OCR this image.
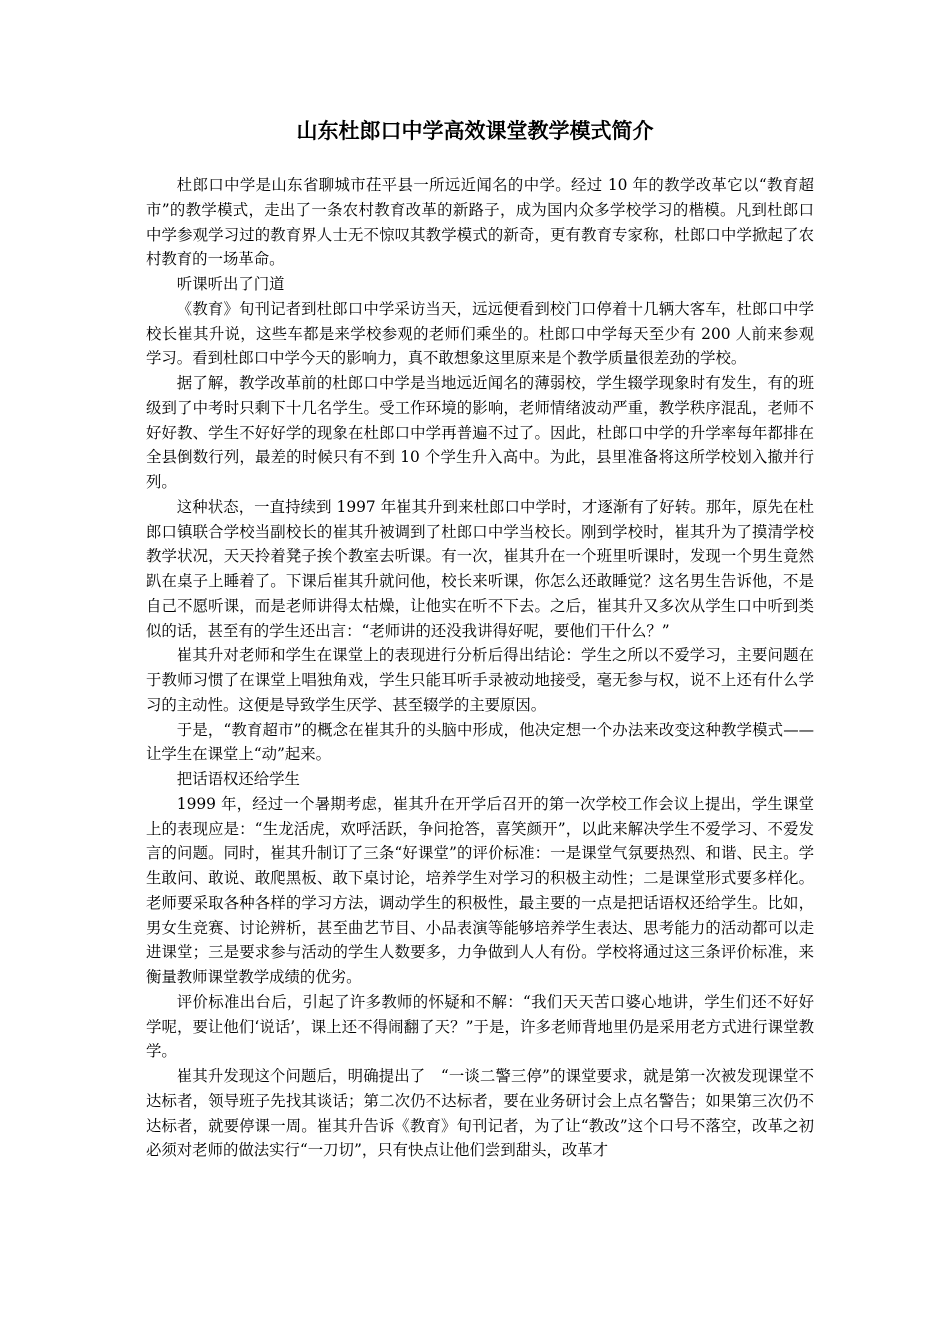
山东杜郎口中学高效课堂教学模式简介

杜郎口中学是山东省聊城市茌平县一所远近闻名的中学。经过 10 年的教学改革它以“教育超市”的教学模式，走出了一条农村教育改革的新路子，成为国内众多学校学习的楷模。凡到杜郎口中学参观学习过的教育界人士无不惊叹其教学模式的新奇，更有教育专家称，杜郎口中学掀起了农村教育的一场革命。

听课听出了门道

《教育》旬刊记者到杜郎口中学采访当天，远远便看到校门口停着十几辆大客车，杜郎口中学校长崔其升说，这些车都是来学校参观的老师们乘坐的。杜郎口中学每天至少有 200 人前来参观学习。看到杜郎口中学今天的影响力，真不敢想象这里原来是个教学质量很差劲的学校。

据了解，教学改革前的杜郎口中学是当地远近闻名的薄弱校，学生辍学现象时有发生，有的班级到了中考时只剩下十几名学生。受工作环境的影响，老师情绪波动严重，教学秩序混乱，老师不好好教、学生不好好学的现象在杜郎口中学再普遍不过了。因此，杜郎口中学的升学率每年都排在全县倒数行列，最差的时候只有不到 10 个学生升入高中。为此，县里准备将这所学校划入撤并行列。

这种状态，一直持续到 1997 年崔其升到来杜郎口中学时，才逐渐有了好转。那年，原先在杜郎口镇联合学校当副校长的崔其升被调到了杜郎口中学当校长。刚到学校时，崔其升为了摸清学校教学状况，天天拎着凳子挨个教室去听课。有一次，崔其升在一个班里听课时，发现一个男生竟然趴在桌子上睡着了。下课后崔其升就问他，校长来听课，你怎么还敢睡觉？这名男生告诉他，不是自己不愿听课，而是老师讲得太枯燥，让他实在听不下去。之后，崔其升又多次从学生口中听到类似的话，甚至有的学生还出言：“老师讲的还没我讲得好呢，要他们干什么？”

崔其升对老师和学生在课堂上的表现进行分析后得出结论：学生之所以不爱学习，主要问题在于教师习惯了在课堂上唱独角戏，学生只能耳听手录被动地接受，毫无参与权，说不上还有什么学习的主动性。这便是导致学生厌学、甚至辍学的主要原因。

于是，“教育超市”的概念在崔其升的头脑中形成，他决定想一个办法来改变这种教学模式——让学生在课堂上“动”起来。

把话语权还给学生

1999 年，经过一个暑期考虑，崔其升在开学后召开的第一次学校工作会议上提出，学生课堂上的表现应是：“生龙活虎，欢呼活跃，争问抢答，喜笑颜开”，以此来解决学生不爱学习、不爱发言的问题。同时，崔其升制订了三条“好课堂”的评价标准：一是课堂气氛要热烈、和谐、民主。学生敢问、敢说、敢爬黑板、敢下桌讨论，培养学生对学习的积极主动性；二是课堂形式要多样化。老师要采取各种各样的学习方法，调动学生的积极性，最主要的一点是把话语权还给学生。比如，男女生竞赛、讨论辨析，甚至曲艺节目、小品表演等能够培养学生表达、思考能力的活动都可以走进课堂；三是要求参与活动的学生人数要多，力争做到人人有份。学校将通过这三条评价标准，来衡量教师课堂教学成绩的优劣。

评价标准出台后，引起了许多教师的怀疑和不解：“我们天天苦口婆心地讲，学生们还不好好学呢，要让他们‘说话’，课上还不得闹翻了天？”于是，许多老师背地里仍是采用老方式进行课堂教学。

崔其升发现这个问题后，明确提出了　“一谈二警三停”的课堂要求，就是第一次被发现课堂不达标者，领导班子先找其谈话；第二次仍不达标者，要在业务研讨会上点名警告；如果第三次仍不达标者，就要停课一周。崔其升告诉《教育》旬刊记者，为了让“教改”这个口号不落空，改革之初必须对老师的做法实行“一刀切”，只有快点让他们尝到甜头，改革才
